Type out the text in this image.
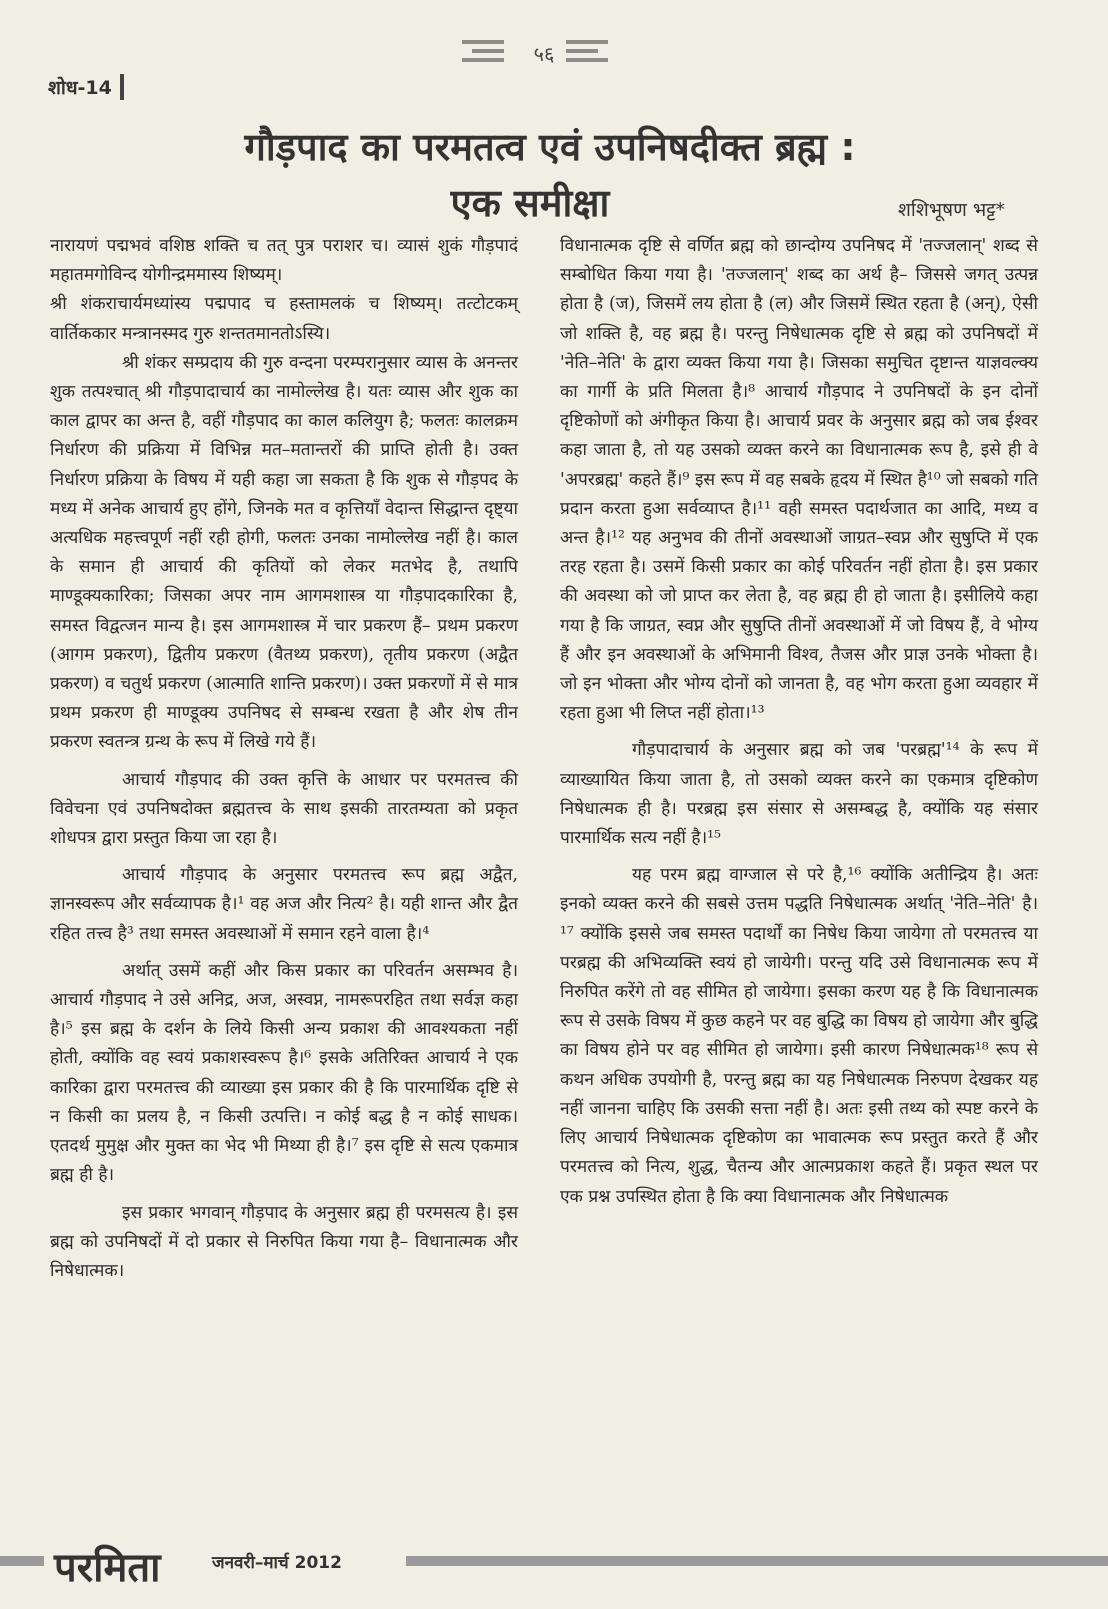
५६
शोध-14
गौड़पाद का परमतत्व एवं उपनिषदीक्त ब्रह्म :
एक समीक्षा	शशिभूषण भट्ट*

नारायणं पद्मभवं वशिष्ठ शक्ति च तत् पुत्र पराशर च। व्यासं शुकं गौड़पादं महातमगोविन्द योगीन्द्रममास्य शिष्यम्।

श्री शंकराचार्यमध्यांस्य पद्मपाद च हस्तामलकं च शिष्यम्। तत्टोटकम् वार्तिककार मन्त्रानस्मद गुरु शन्ततमानतोऽस्यि।

श्री शंकर सम्प्रदाय की गुरु वन्दना परम्परानुसार व्यास के अनन्तर शुक तत्पश्चात् श्री गौड़पादाचार्य का नामोल्लेख है। यतः व्यास और शुक का काल द्वापर का अन्त है, वहीं गौड़पाद का काल कलियुग है; फलतः कालक्रम निर्धारण की प्रक्रिया में विभिन्न मत–मतान्तरों की प्राप्ति होती है। उक्त निर्धारण प्रक्रिया के विषय में यही कहा जा सकता है कि शुक से गौड़पद के मध्य में अनेक आचार्य हुए होंगे, जिनके मत व कृत्तियाँ वेदान्त सिद्धान्त दृष्ट्या अत्यधिक महत्त्वपूर्ण नहीं रही होगी, फलतः उनका नामोल्लेख नहीं है। काल के समान ही आचार्य की कृतियों को लेकर मतभेद है, तथापि माण्डूक्यकारिका; जिसका अपर नाम आगमशास्त्र या गौड़पादकारिका है, समस्त विद्वत्जन मान्य है। इस आगमशास्त्र में चार प्रकरण हैं– प्रथम प्रकरण (आगम प्रकरण), द्वितीय प्रकरण (वैतथ्य प्रकरण), तृतीय प्रकरण (अद्वैत प्रकरण) व चतुर्थ प्रकरण (आत्माति शान्ति प्रकरण)। उक्त प्रकरणों में से मात्र प्रथम प्रकरण ही माण्डूक्य उपनिषद से सम्बन्ध रखता है और शेष तीन प्रकरण स्वतन्त्र ग्रन्थ के रूप में लिखे गये हैं।

आचार्य गौड़पाद की उक्त कृत्ति के आधार पर परमतत्त्व की विवेचना एवं उपनिषदोक्त ब्रह्मतत्त्व के साथ इसकी तारतम्यता को प्रकृत शोधपत्र द्वारा प्रस्तुत किया जा रहा है।

आचार्य गौड़पाद के अनुसार परमतत्त्व रूप ब्रह्म अद्वैत, ज्ञानस्वरूप और सर्वव्यापक है।¹ वह अज और नित्य² है। यही शान्त और द्वैत रहित तत्त्व है³ तथा समस्त अवस्थाओं में समान रहने वाला है।⁴

अर्थात् उसमें कहीं और किस प्रकार का परिवर्तन असम्भव है। आचार्य गौड़पाद ने उसे अनिद्र, अज, अस्वप्न, नामरूपरहित तथा सर्वज्ञ कहा है।⁵ इस ब्रह्म के दर्शन के लिये किसी अन्य प्रकाश की आवश्यकता नहीं होती, क्योंकि वह स्वयं प्रकाशस्वरूप है।⁶ इसके अतिरिक्त आचार्य ने एक कारिका द्वारा परमतत्त्व की व्याख्या इस प्रकार की है कि पारमार्थिक दृष्टि से न किसी का प्रलय है, न किसी उत्पत्ति। न कोई बद्ध है न कोई साधक। एतदर्थ मुमुक्ष और मुक्त का भेद भी मिथ्या ही है।⁷ इस दृष्टि से सत्य एकमात्र ब्रह्म ही है।

इस प्रकार भगवान् गौड़पाद के अनुसार ब्रह्म ही परमसत्य है। इस ब्रह्म को उपनिषदों में दो प्रकार से निरुपित किया गया है– विधानात्मक और निषेधात्मक।

विधानात्मक दृष्टि से वर्णित ब्रह्म को छान्दोग्य उपनिषद में 'तज्जलान्' शब्द से सम्बोधित किया गया है। 'तज्जलान्' शब्द का अर्थ है– जिससे जगत् उत्पन्न होता है (ज), जिसमें लय होता है (ल) और जिसमें स्थित रहता है (अन्), ऐसी जो शक्ति है, वह ब्रह्म है। परन्तु निषेधात्मक दृष्टि से ब्रह्म को उपनिषदों में 'नेति–नेति' के द्वारा व्यक्त किया गया है। जिसका समुचित दृष्टान्त याज्ञवल्क्य का गार्गी के प्रति मिलता है।⁸ आचार्य गौड़पाद ने उपनिषदों के इन दोनों दृष्टिकोणों को अंगीकृत किया है। आचार्य प्रवर के अनुसार ब्रह्म को जब ईश्वर कहा जाता है, तो यह उसको व्यक्त करने का विधानात्मक रूप है, इसे ही वे 'अपरब्रह्म' कहते हैं।⁹ इस रूप में वह सबके हृदय में स्थित है¹⁰ जो सबको गति प्रदान करता हुआ सर्वव्याप्त है।¹¹ वही समस्त पदार्थजात का आदि, मध्य व अन्त है।¹² यह अनुभव की तीनों अवस्थाओं जाग्रत–स्वप्न और सुषुप्ति में एक तरह रहता है। उसमें किसी प्रकार का कोई परिवर्तन नहीं होता है। इस प्रकार की अवस्था को जो प्राप्त कर लेता है, वह ब्रह्म ही हो जाता है। इसीलिये कहा गया है कि जाग्रत, स्वप्न और सुषुप्ति तीनों अवस्थाओं में जो विषय हैं, वे भोग्य हैं और इन अवस्थाओं के अभिमानी विश्व, तैजस और प्राज्ञ उनके भोक्ता है। जो इन भोक्ता और भोग्य दोनों को जानता है, वह भोग करता हुआ व्यवहार में रहता हुआ भी लिप्त नहीं होता।¹³

गौड़पादाचार्य के अनुसार ब्रह्म को जब 'परब्रह्म'¹⁴ के रूप में व्याख्यायित किया जाता है, तो उसको व्यक्त करने का एकमात्र दृष्टिकोण निषेधात्मक ही है। परब्रह्म इस संसार से असम्बद्ध है, क्योंकि यह संसार पारमार्थिक सत्य नहीं है।¹⁵

यह परम ब्रह्म वाग्जाल से परे है,¹⁶ क्योंकि अतीन्द्रिय है। अतः इनको व्यक्त करने की सबसे उत्तम पद्धति निषेधात्मक अर्थात् 'नेति–नेति' है।¹⁷ क्योंकि इससे जब समस्त पदार्थों का निषेध किया जायेगा तो परमतत्त्व या परब्रह्म की अभिव्यक्ति स्वयं हो जायेगी। परन्तु यदि उसे विधानात्मक रूप में निरुपित करेंगे तो वह सीमित हो जायेगा। इसका करण यह है कि विधानात्मक रूप से उसके विषय में कुछ कहने पर वह बुद्धि का विषय हो जायेगा और बुद्धि का विषय होने पर वह सीमित हो जायेगा। इसी कारण निषेधात्मक¹⁸ रूप से कथन अधिक उपयोगी है, परन्तु ब्रह्म का यह निषेधात्मक निरुपण देखकर यह नहीं जानना चाहिए कि उसकी सत्ता नहीं है। अतः इसी तथ्य को स्पष्ट करने के लिए आचार्य निषेधात्मक दृष्टिकोण का भावात्मक रूप प्रस्तुत करते हैं और परमतत्त्व को नित्य, शुद्ध, चैतन्य और आत्मप्रकाश कहते हैं। प्रकृत स्थल पर एक प्रश्न उपस्थित होता है कि क्या विधानात्मक और निषेधात्मक

परमिता	जनवरी–मार्च 2012
